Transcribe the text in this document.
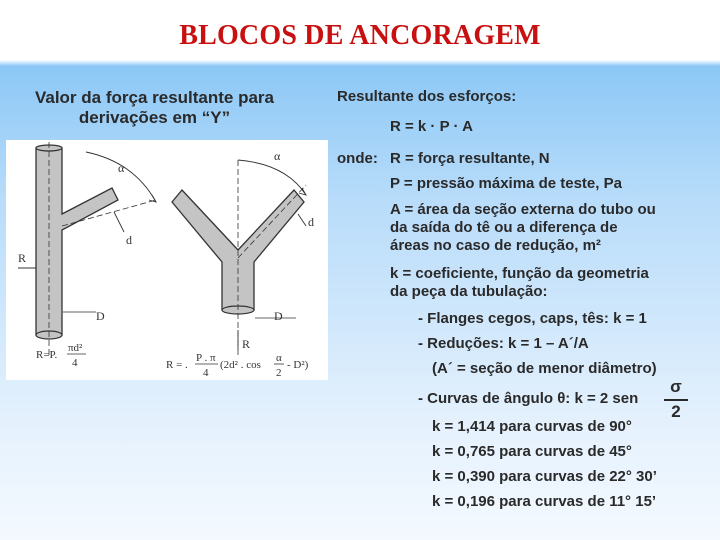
BLOCOS DE ANCORAGEM
Valor da força resultante para
derivações em “Y”
α
d
R
D
α
d
R
D
R=P.
πd²
4	R = .
P . π
4
(2d² . cos
α
2
- D²)
Resultante dos esforços:
R = k · P · A
onde: R = força resultante, N
P = pressão máxima de teste, Pa
A = área da seção externa do tubo ou
da saída do tê ou a diferença de
áreas no caso de redução, m²
k = coeficiente, função da geometria
da peça da tubulação:
- Flanges cegos, caps, tês: k = 1
- Reduções: k = 1 – A´/A
(A´ = seção de menor diâmetro)
- Curvas de ângulo θ: k = 2 sen $\frac{\sigma}{2}$
k = 1,414 para curvas de 90°
k = 0,765 para curvas de 45°
k = 0,390 para curvas de 22° 30’
k = 0,196 para curvas de 11° 15’
